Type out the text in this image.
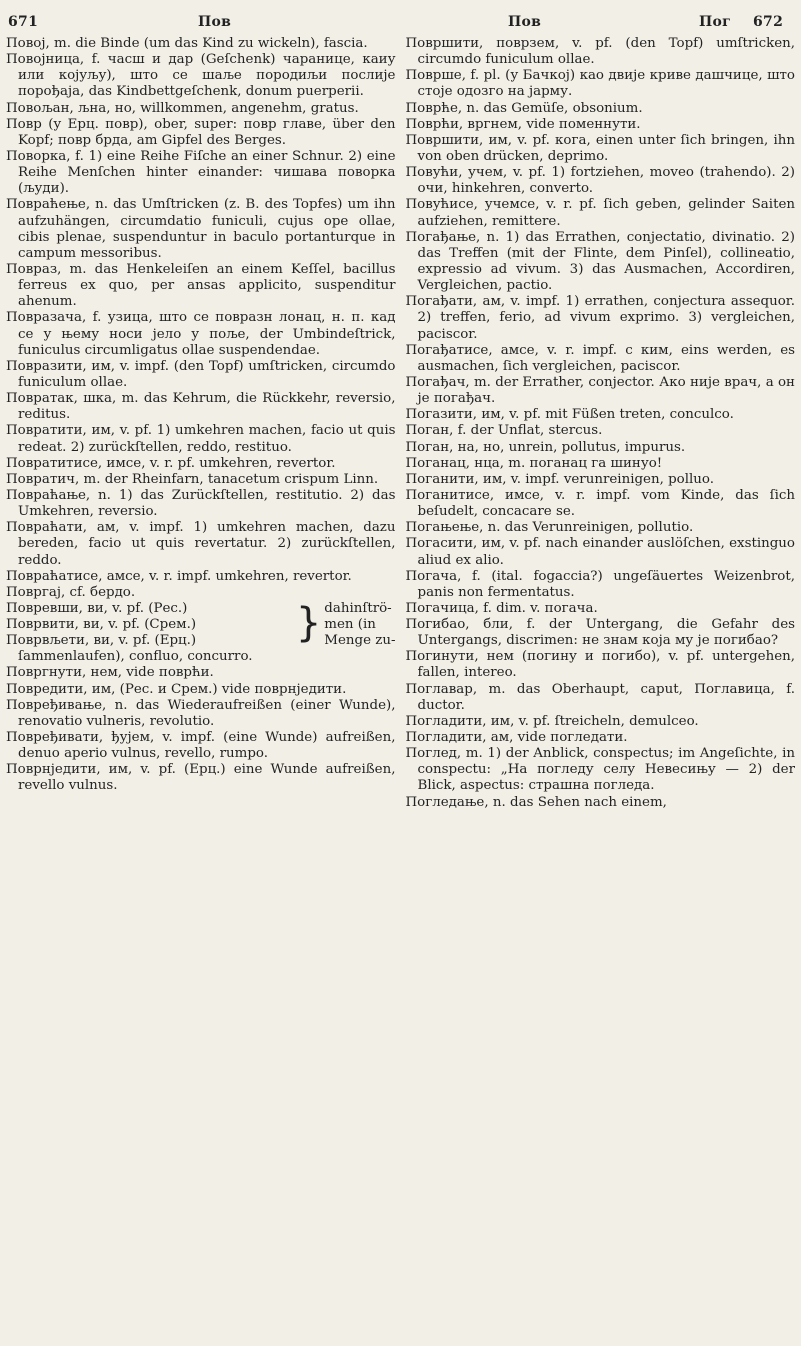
671	Пов	Пов	Пог 672

Повој, m. die Binde (um das Kind zu wickeln), fascia.

Повојница, f. часш и дар (Geſchenk) чаранице, каиу или којуљу), што се шаље породиљи послије порођаја, das Kindbettgeſchenk, donum puerperii.

Повољан, љна, но, willkommen, angenehm, gratus.

Повр (у Ерц. повр), ober, super: повр главе, über den Kopf; повр брда, am Gipfel des Berges.

Поворка, f. 1) eine Reihe Fiſche an einer Schnur. 2) eine Reihe Menſchen hinter einander: чишава поворка (људи).

Повраћење, n. das Umſtricken (z. B. des Topfes) um ihn aufzuhängen, circumdatio funiculi, cujus ope ollae, cibis plenae, suspenduntur in baculo portanturque in campum messoribus.

Повраз, m. das Henkeleiſen an einem Keſſel, bacillus ferreus ex quo, per ansas applicito, suspenditur ahenum.

Повразача, f. узица, што се повразн лонац, н. п. кад се у њему носи јело у поље, der Umbindeſtrick, funiculus circumligatus ollae suspendendae.

Повразити, им, v. impf. (den Topf) umſtricken, circumdo funiculum ollae.

Повратак, шка, m. das Kehrum, die Rückkehr, reversio, reditus.

Повратити, им, v. pf. 1) umkehren machen, facio ut quis redeat. 2) zurückſtellen, reddo, restituo.

Повратитисе, имсе, v. r. pf. umkehren, revertor.

Повратич, m. der Rheinfarn, tanacetum crispum Linn.

Повраћање, n. 1) das Zurückſtellen, restitutio. 2) das Umkehren, reversio.

Повраћати, ам, v. impf. 1) umkehren machen, dazu bereden, facio ut quis revertatur. 2) zurückſtellen, reddo.

Повраћатисе, амсе, v. r. impf. umkehren, revertor.

Повргај, cf. бердо.

Повревши, ви, v. pf. (Рес.)
Поврвити, ви, v. pf. (Срем.)
Поврвљети, ви, v. pf. (Ерц.)	} dahinſtrö-
men (in
Menge zu-

ſammenlaufen), confluo, concurro.

Повргнути, нем, vide поврћи.

Повредити, им, (Рес. и Срем.) vide поврнједити.

Повређивање, n. das Wiederaufreißen (einer Wunde), renovatio vulneris, revolutio.

Повређивати, ђујем, v. impf. (eine Wunde) aufreißen, denuo aperio vulnus, revello, rumpo.

Поврнједити, им, v. pf. (Ерц.) eine Wunde aufreißen, revello vulnus.

Површити, поврзем, v. pf. (den Topf) umſtricken, circumdo funiculum ollae.

Површе, f. pl. (у Бачкој) као двије криве дашчице, што стоје одозго на јарму.

Поврће, n. das Gemüſe, obsonium.

Поврћи, вргнем, vide поменнути.

Површити, им, v. pf. кога, einen unter ſich bringen, ihn von oben drücken, deprimo.

Повући, учем, v. pf. 1) fortziehen, moveo (trahendo). 2) очи, hinkehren, converto.

Повућисе, учемсе, v. r. pf. ſich geben, gelinder Saiten aufziehen, remittere.

Погађање, n. 1) das Errathen, conjectatio, divinatio. 2) das Treffen (mit der Flinte, dem Pinſel), collineatio, expressio ad vivum. 3) das Ausmachen, Accordiren, Vergleichen, pactio.

Погађати, ам, v. impf. 1) errathen, conjectura assequor. 2) treffen, ferio, ad vivum exprimo. 3) vergleichen, paciscor.

Погађатисе, амсе, v. r. impf. с ким, eins werden, es ausmachen, ſich vergleichen, paciscor.

Погађач, m. der Errather, conjector. Ако није врач, а он је погађач.

Погазити, им, v. pf. mit Füßen treten, conculco.

Поган, f. der Unflat, stercus.

Поган, на, но, unrein, pollutus, impurus.

Поганац, нца, m. поганац га шинуо!

Поганити, им, v. impf. verunreinigen, polluo.

Поганитисе, имсе, v. r. impf. vom Kinde, das ſich beſudelt, concacare se.

Погањење, n. das Verunreinigen, pollutio.

Погасити, им, v. pf. nach einander auslöſchen, exstinguo aliud ex alio.

Погача, f. (ital. fogaccia?) ungeſäuertes Weizenbrot, panis non fermentatus.

Погачица, f. dim. v. погача.

Погибао, бли, f. der Untergang, die Gefahr des Untergangs, discrimen: не знам која му је погибао?

Погинути, нем (погину и погибо), v. pf. untergehen, fallen, intereo.

Поглавар, m. das Oberhaupt, caput, Поглавица, f. ductor.

Погладити, им, v. pf. ſtreicheln, demulceo.

Погладити, ам, vide погледати.

Поглед, m. 1) der Anblick, conspectus; im Angeſichte, in conspectu: „На погледу селу Невесињу — 2) der Blick, aspectus: страшна погледа.

Погледање, n. das Sehen nach einem,
